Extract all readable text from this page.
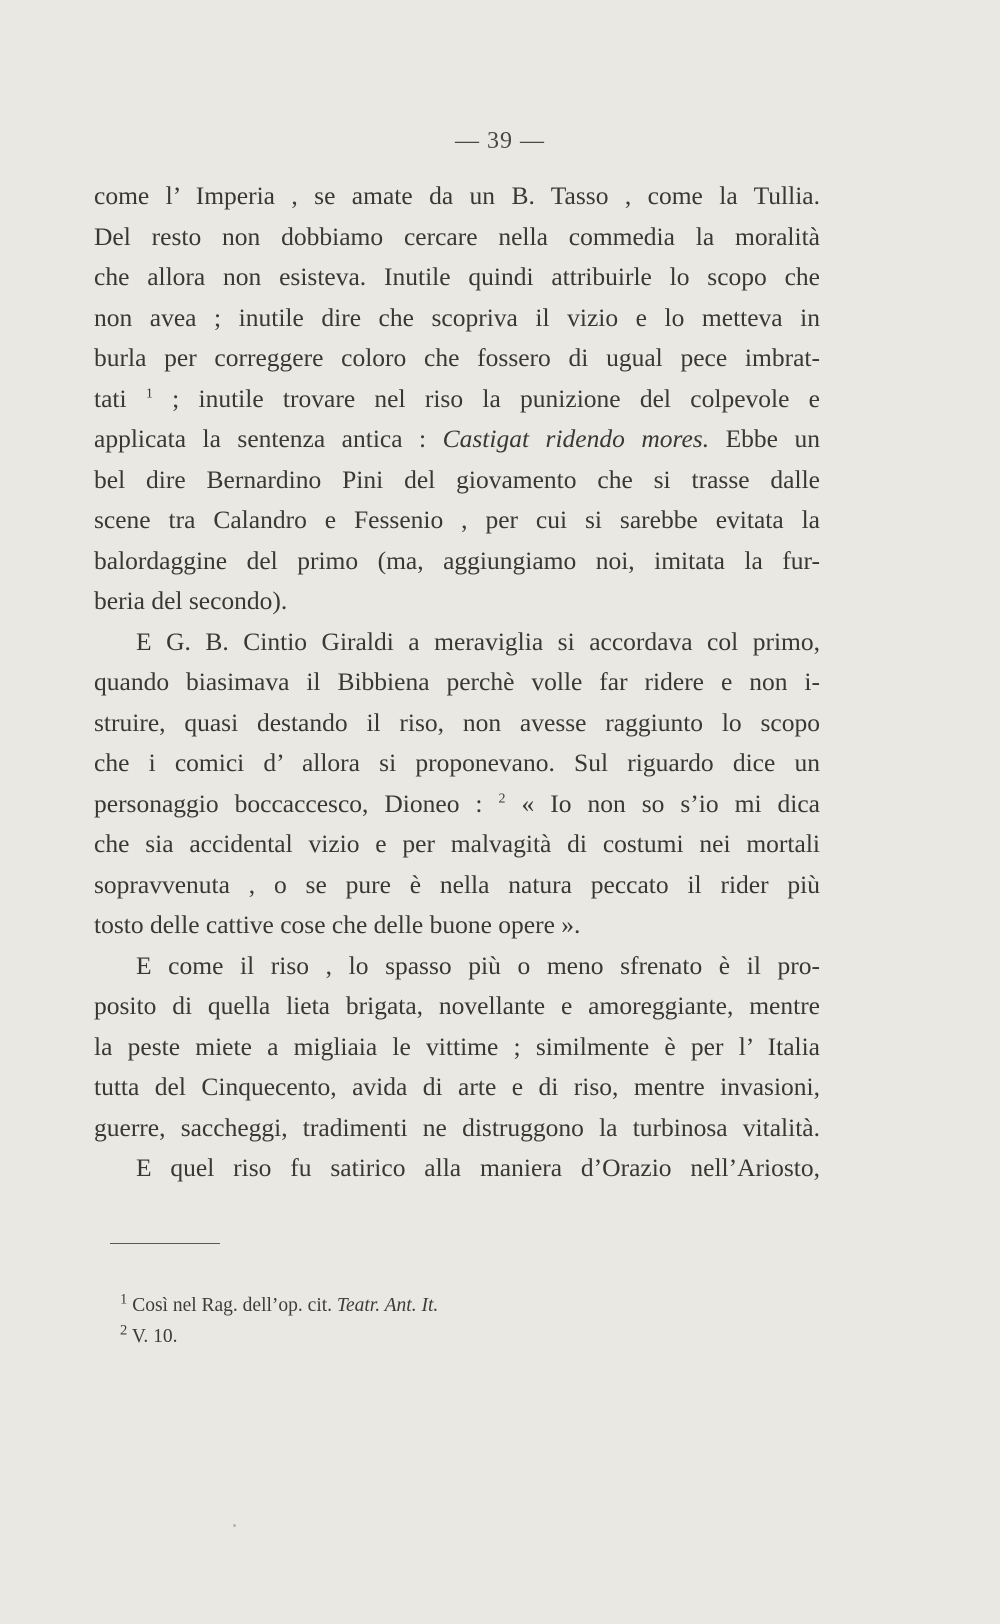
— 39 —
come l’ Imperia , se amate da un B. Tasso , come la Tullia.
Del resto non dobbiamo cercare nella commedia la moralità
che allora non esisteva. Inutile quindi attribuirle lo scopo che
non avea ; inutile dire che scopriva il vizio e lo metteva in
burla per correggere coloro che fossero di ugual pece imbrat-
tati $^1$ ; inutile trovare nel riso la punizione del colpevole e
applicata la sentenza antica : Castigat ridendo mores. Ebbe un
bel dire Bernardino Pini del giovamento che si trasse dalle
scene tra Calandro e Fessenio , per cui si sarebbe evitata la
balordaggine del primo (ma, aggiungiamo noi, imitata la fur-
beria del secondo).
E G. B. Cintio Giraldi a meraviglia si accordava col primo,
quando biasimava il Bibbiena perchè volle far ridere e non i-
struire, quasi destando il riso, non avesse raggiunto lo scopo
che i comici d’ allora si proponevano. Sul riguardo dice un
personaggio boccaccesco, Dioneo : $^2$ « Io non so s’io mi dica
che sia accidental vizio e per malvagità di costumi nei mortali
sopravvenuta , o se pure è nella natura peccato il rider più
tosto delle cattive cose che delle buone opere ».
E come il riso , lo spasso più o meno sfrenato è il pro-
posito di quella lieta brigata, novellante e amoreggiante, mentre
la peste miete a migliaia le vittime ; similmente è per l’ Italia
tutta del Cinquecento, avida di arte e di riso, mentre invasioni,
guerre, saccheggi, tradimenti ne distruggono la turbinosa vitalità.
E quel riso fu satirico alla maniera d’Orazio nell’Ariosto,
$^1$ Così nel Rag. dell’op. cit. Teatr. Ant. It.
$^2$ V. 10.
